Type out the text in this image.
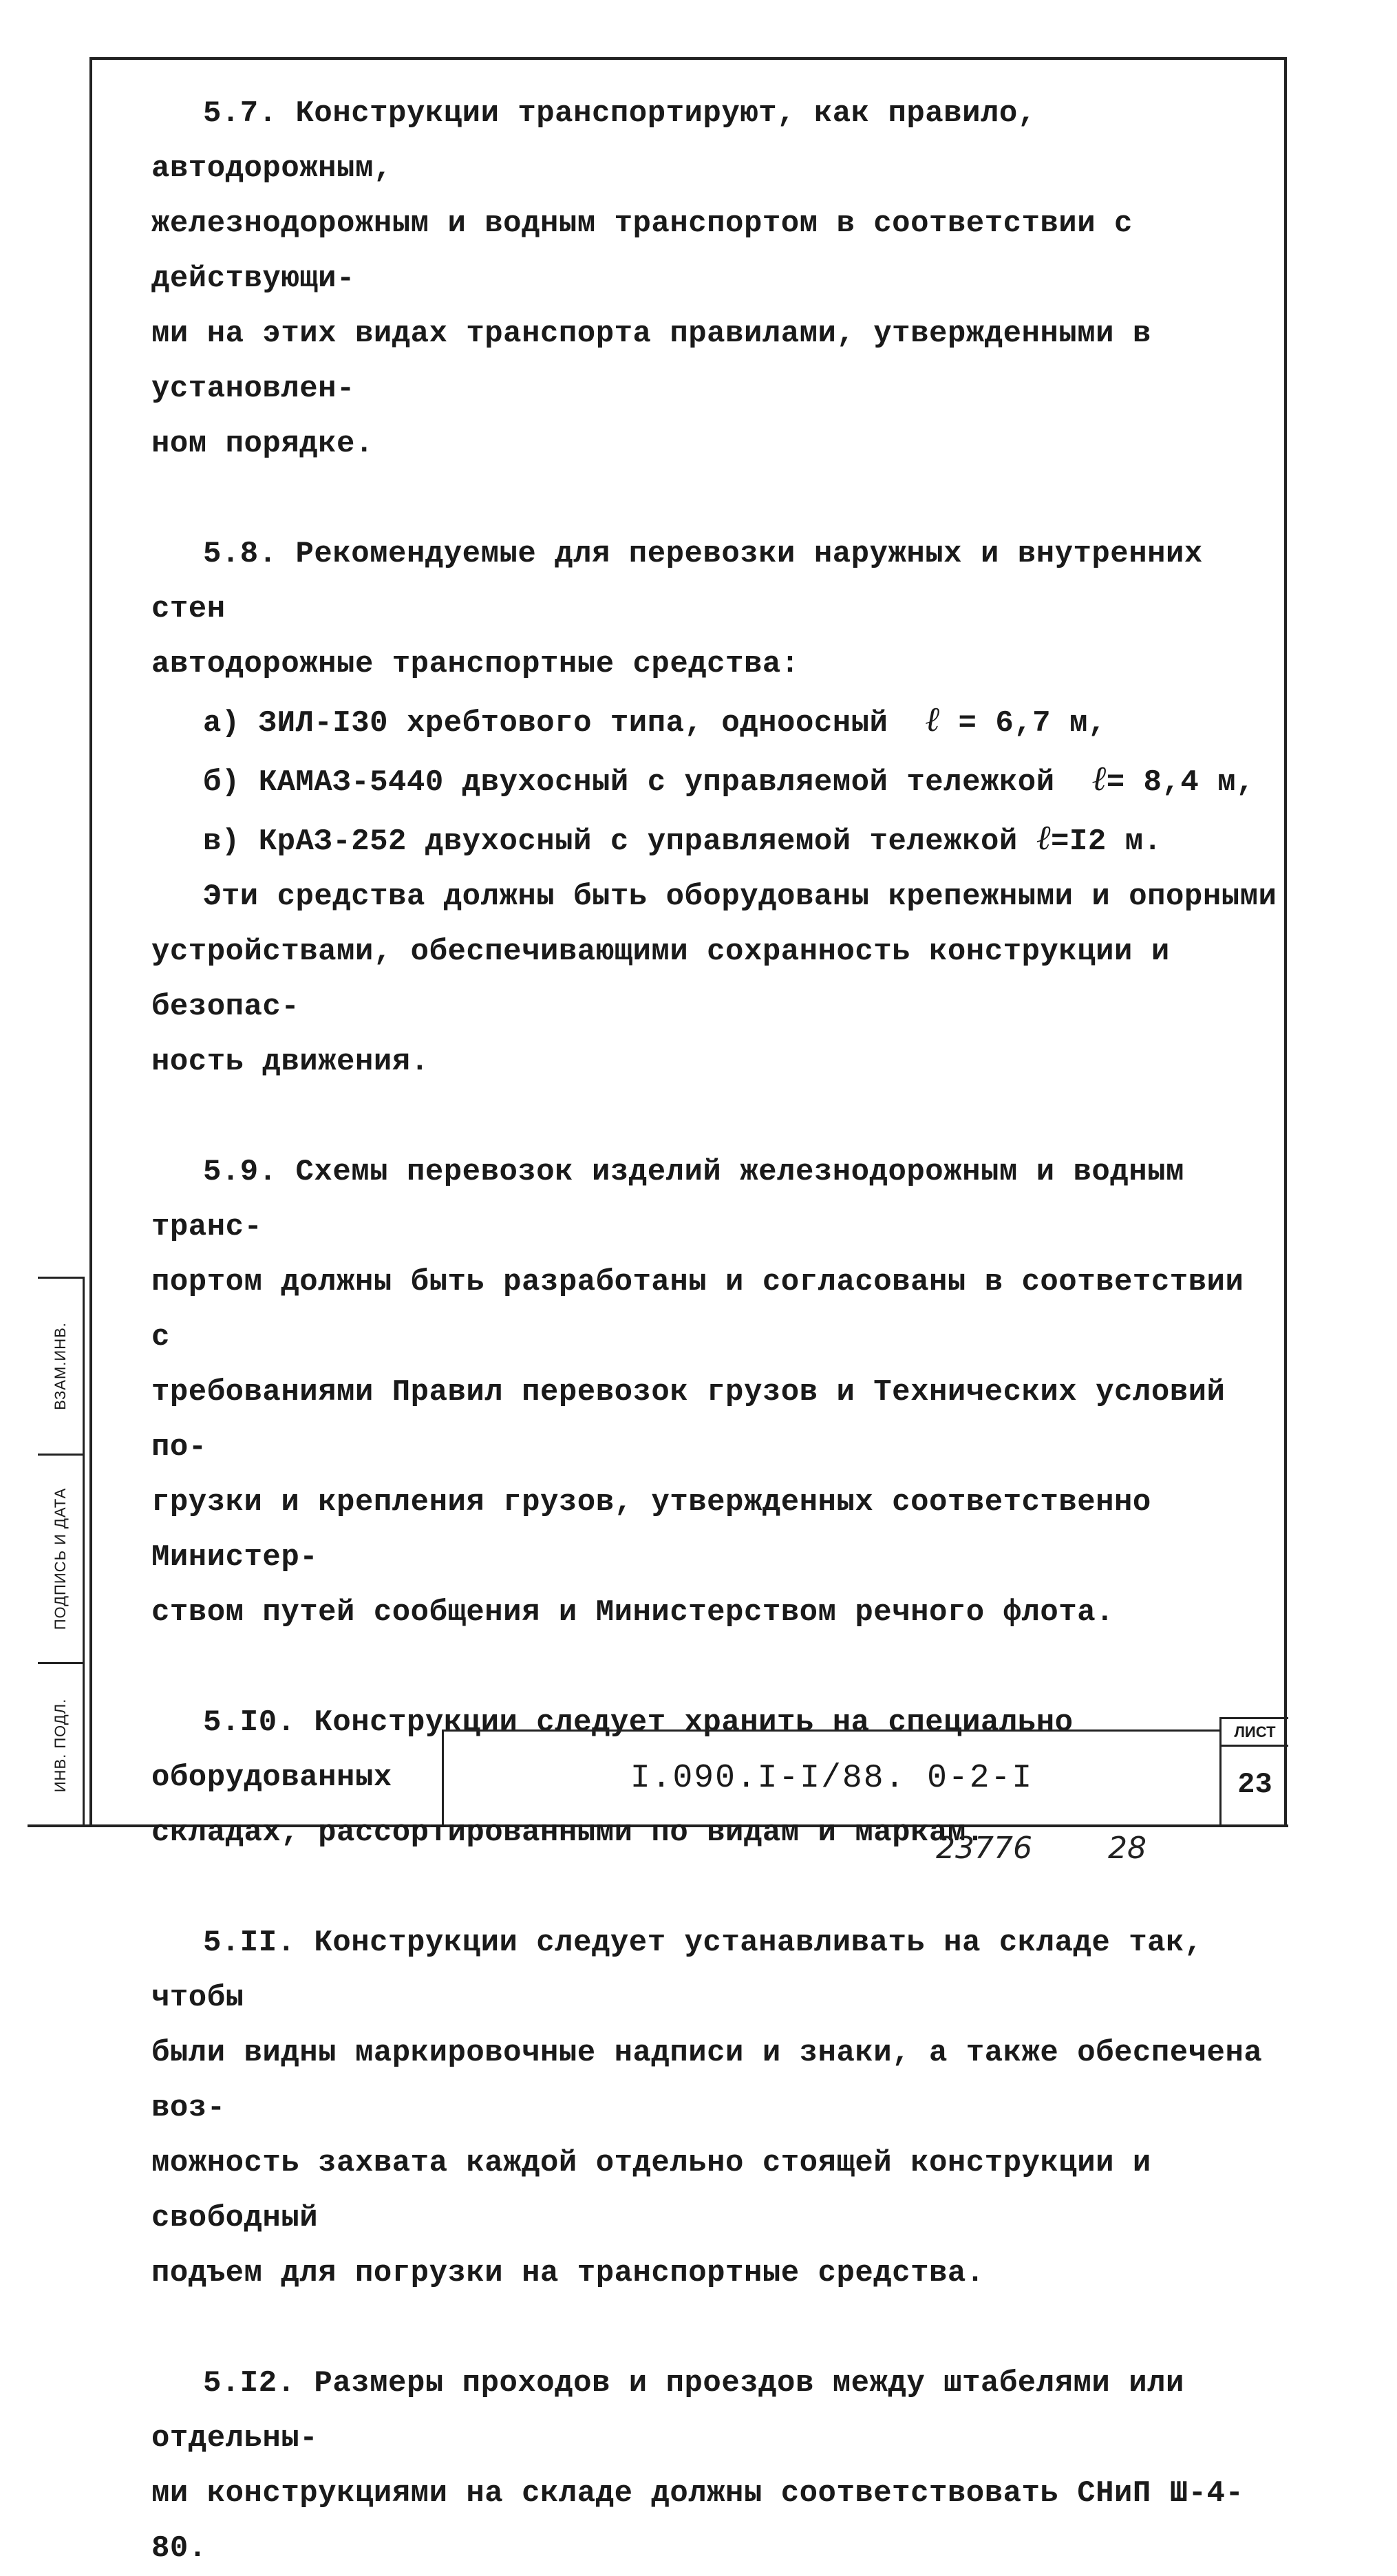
5.7. Конструкции транспортируют, как правило, автодорожным,

железнодорожным и водным транспортом в соответствии с действующи-

ми на этих видах транспорта правилами, утвержденными в установлен-

ном порядке.

5.8. Рекомендуемые для перевозки наружных и внутренних стен

автодорожные транспортные средства:

а) ЗИЛ-I30 хребтового типа, одноосный ℓ = 6,7 м,

б) КАМАЗ-5440 двухосный с управляемой тележкой ℓ= 8,4 м,

в) КрАЗ-252 двухосный с управляемой тележкой ℓ=I2 м.

Эти средства должны быть оборудованы крепежными и опорными

устройствами, обеспечивающими сохранность конструкции и безопас-

ность движения.

5.9. Схемы перевозок изделий железнодорожным и водным транс-

портом должны быть разработаны и согласованы в соответствии с

требованиями Правил перевозок грузов и Технических условий по-

грузки и крепления грузов, утвержденных соответственно Министер-

ством путей сообщения и Министерством речного флота.

5.I0. Конструкции следует хранить на специально оборудованных

складах, рассортированными по видам и маркам.

5.II. Конструкции следует устанавливать на складе так, чтобы

были видны маркировочные надписи и знаки, а также обеспечена воз-

можность захвата каждой отдельно стоящей конструкции и свободный

подъем для погрузки на транспортные средства.

5.I2. Размеры проходов и проездов между штабелями или отдельны-

ми конструкциями на складе должны соответствовать СНиП Ш-4-80.

ВЗАМ.ИНВ.
ПОДПИСЬ И ДАТА
ИНВ. ПОДЛ.	I.090.I-I/88. 0-2-I
ЛИСТ
23
23776	28
